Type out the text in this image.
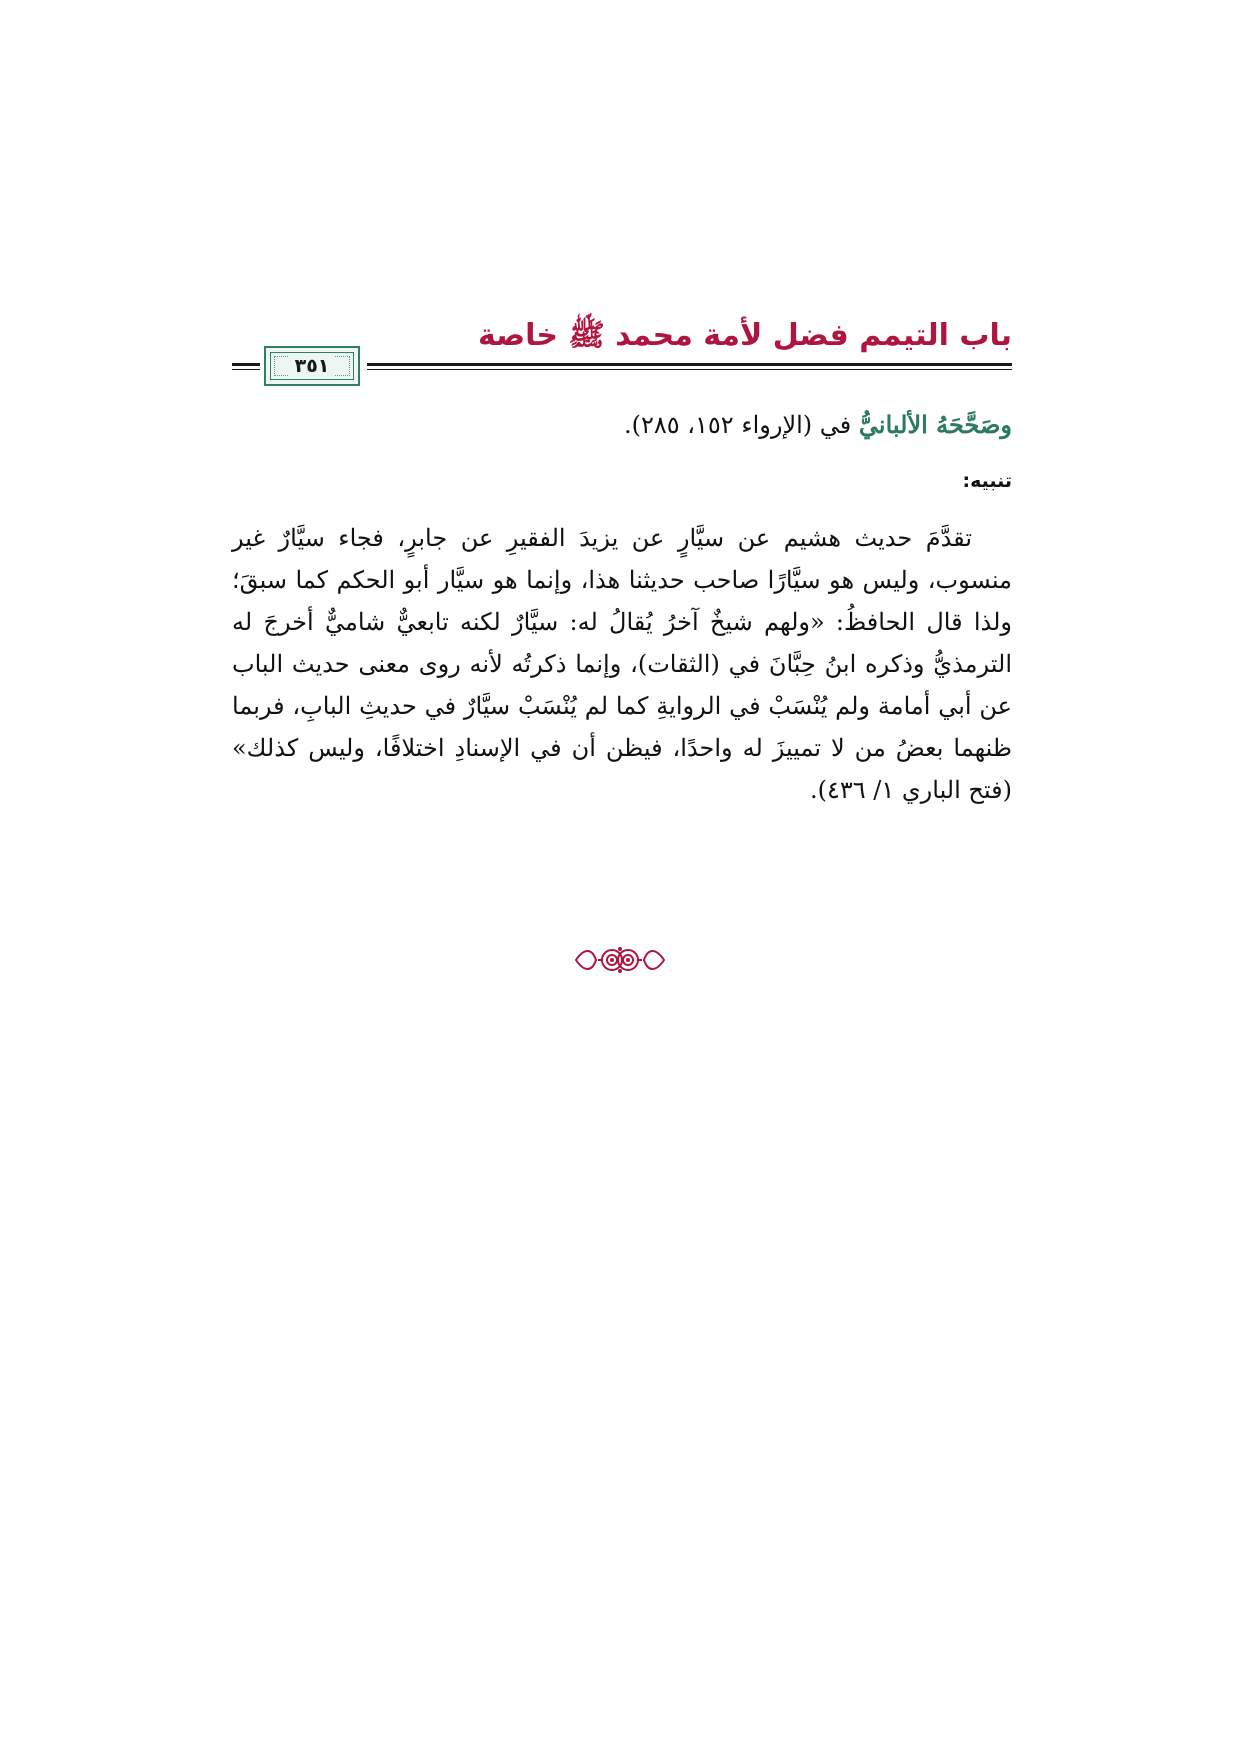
باب التيمم فضل لأمة محمد ﷺ خاصة
٣٥١

وصَحَّحَهُ الألبانيُّ في (الإرواء ١٥٢، ٢٨٥).

تنبيه:

تقدَّمَ حديث هشيم عن سيَّارٍ عن يزيدَ الفقيرِ عن جابرٍ، فجاء سيَّارٌ غير منسوب، وليس هو سيَّارًا صاحب حديثنا هذا، وإنما هو سيَّار أبو الحكم كما سبقَ؛ ولذا قال الحافظُ: «ولهم شيخٌ آخرُ يُقالُ له: سيَّارٌ لكنه تابعيٌّ شاميٌّ أخرجَ له الترمذيُّ وذكره ابنُ حِبَّانَ في (الثقات)، وإنما ذكرتُه لأنه روى معنى حديث الباب عن أبي أمامة ولم يُنْسَبْ في الروايةِ كما لم يُنْسَبْ سيَّارٌ في حديثِ البابِ، فربما ظنهما بعضُ من لا تمييزَ له واحدًا، فيظن أن في الإسنادِ اختلافًا، وليس كذلك» (فتح الباري ١/ ٤٣٦).
